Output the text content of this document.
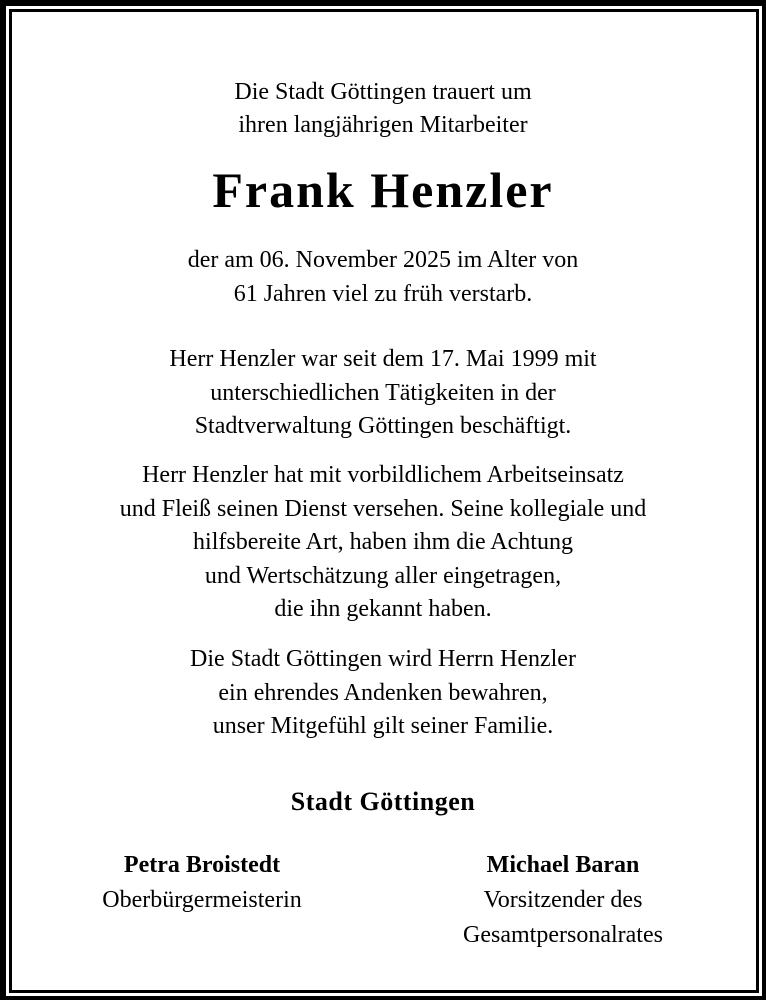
Die Stadt Göttingen trauert um
ihren langjährigen Mitarbeiter
Frank Henzler
der am 06. November 2025 im Alter von
61 Jahren viel zu früh verstarb.
Herr Henzler war seit dem 17. Mai 1999 mit
unterschiedlichen Tätigkeiten in der
Stadtverwaltung Göttingen beschäftigt.
Herr Henzler hat mit vorbildlichem Arbeitseinsatz
und Fleiß seinen Dienst versehen. Seine kollegiale und
hilfsbereite Art, haben ihm die Achtung
und Wertschätzung aller eingetragen,
die ihn gekannt haben.
Die Stadt Göttingen wird Herrn Henzler
ein ehrendes Andenken bewahren,
unser Mitgefühl gilt seiner Familie.
Stadt Göttingen
Petra Broistedt
Oberbürgermeisterin
Michael Baran
Vorsitzender des
Gesamtpersonalrates
